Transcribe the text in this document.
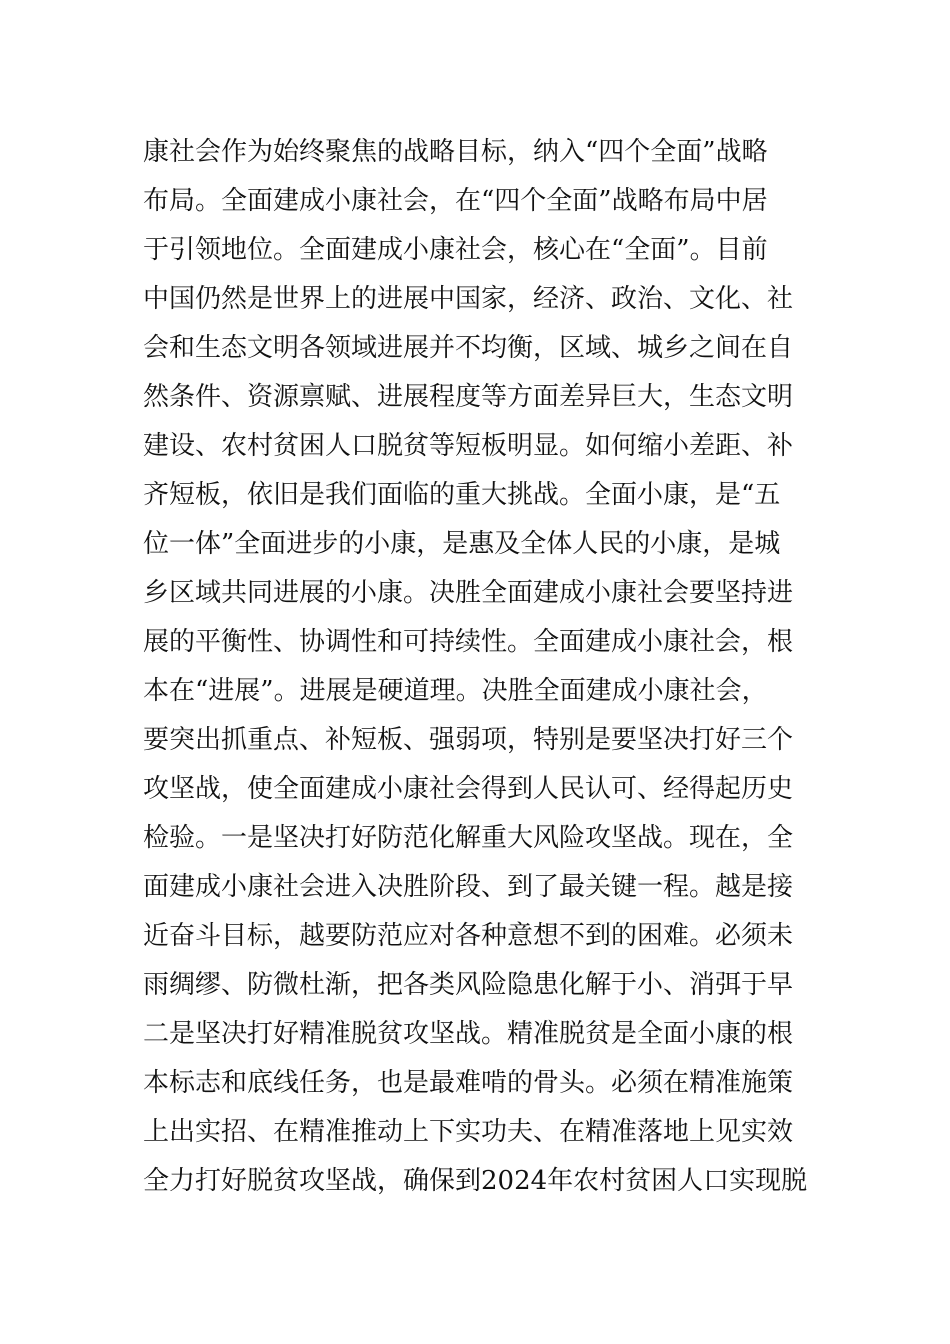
康社会作为始终聚焦的战略目标，纳入“四个全面”战略
布局。全面建成小康社会，在“四个全面”战略布局中居
于引领地位。全面建成小康社会，核心在“全面”。目前
中国仍然是世界上的进展中国家，经济、政治、文化、社
会和生态文明各领域进展并不均衡，区域、城乡之间在自
然条件、资源禀赋、进展程度等方面差异巨大，生态文明
建设、农村贫困人口脱贫等短板明显。如何缩小差距、补
齐短板，依旧是我们面临的重大挑战。全面小康，是“五
位一体”全面进步的小康，是惠及全体人民的小康，是城
乡区域共同进展的小康。决胜全面建成小康社会要坚持进
展的平衡性、协调性和可持续性。全面建成小康社会，根
本在“进展”。进展是硬道理。决胜全面建成小康社会，
要突出抓重点、补短板、强弱项，特别是要坚决打好三个
攻坚战，使全面建成小康社会得到人民认可、经得起历史
检验。一是坚决打好防范化解重大风险攻坚战。现在，全
面建成小康社会进入决胜阶段、到了最关键一程。越是接
近奋斗目标，越要防范应对各种意想不到的困难。必须未
雨绸缪、防微杜渐，把各类风险隐患化解于小、消弭于早
二是坚决打好精准脱贫攻坚战。精准脱贫是全面小康的根
本标志和底线任务，也是最难啃的骨头。必须在精准施策
上出实招、在精准推动上下实功夫、在精准落地上见实效
全力打好脱贫攻坚战，确保到2024年农村贫困人口实现脱
